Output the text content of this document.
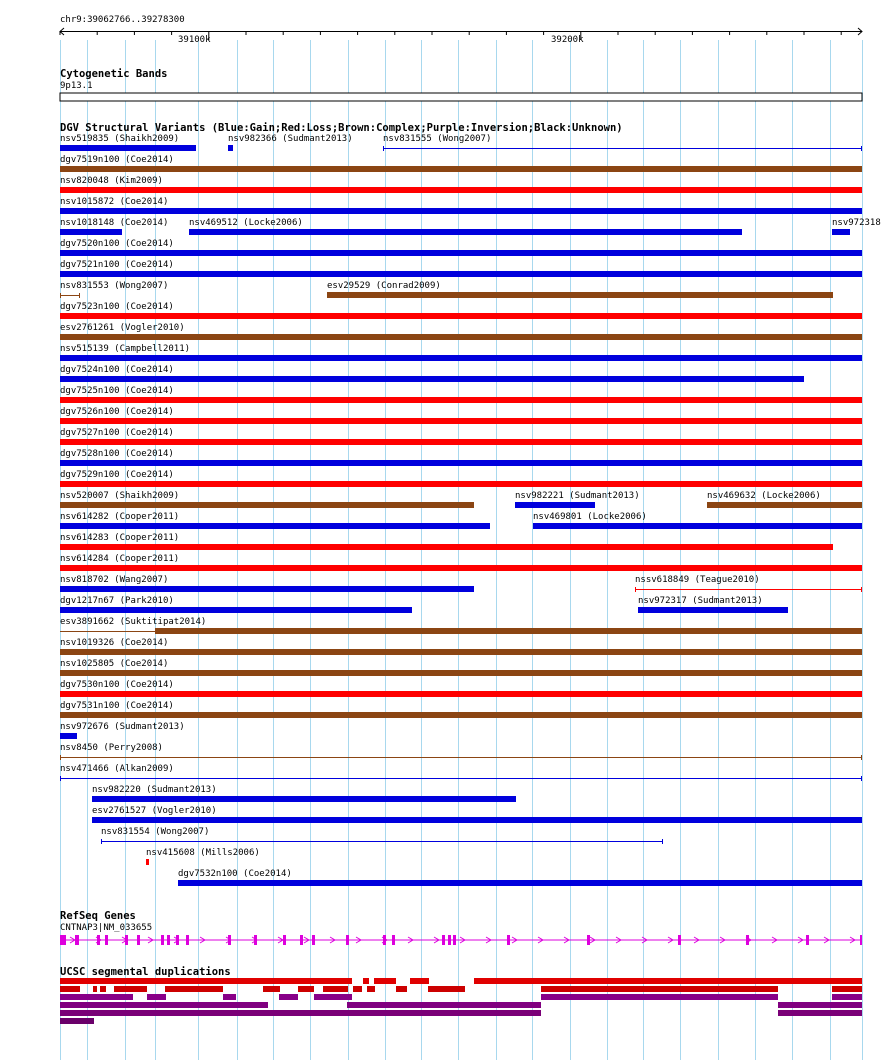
chr9:39062766..39278300
39100k	39200k
Cytogenetic Bands
9p13.1
DGV Structural Variants (Blue:Gain;Red:Loss;Brown:Complex;Purple:Inversion;Black:Unknown)
RefSeq Genes
CNTNAP3|NM_033655
UCSC segmental duplications
nsv519835 (Shaikh2009)	nsv982366 (Sudmant2013)	nsv831555 (Wong2007)
dgv7519n100 (Coe2014)
nsv820048 (Kim2009)
nsv1015872 (Coe2014)
nsv1018148 (Coe2014) nsv469512 (Locke2006)	nsv972318
dgv7520n100 (Coe2014)
dgv7521n100 (Coe2014)
nsv831553 (Wong2007)	esv29529 (Conrad2009)
dgv7523n100 (Coe2014)
esv2761261 (Vogler2010)
nsv515139 (Campbell2011)
dgv7524n100 (Coe2014)
dgv7525n100 (Coe2014)
dgv7526n100 (Coe2014)
dgv7527n100 (Coe2014)
dgv7528n100 (Coe2014)
dgv7529n100 (Coe2014)
nsv520007 (Shaikh2009)	nsv982221 (Sudmant2013)	nsv469632 (Locke2006)
nsv614282 (Cooper2011)	nsv469801 (Locke2006)
nsv614283 (Cooper2011)
nsv614284 (Cooper2011)
nsv818702 (Wang2007)	nssv618849 (Teague2010)
dgv1217n67 (Park2010)	nsv972317 (Sudmant2013)
esv3891662 (Suktitipat2014)
nsv1019326 (Coe2014)
nsv1025805 (Coe2014)
dgv7530n100 (Coe2014)
dgv7531n100 (Coe2014)
nsv972676 (Sudmant2013)
nsv8450 (Perry2008)
nsv471466 (Alkan2009)
nsv982220 (Sudmant2013)
esv2761527 (Vogler2010)
nsv831554 (Wong2007)
nsv415608 (Mills2006)
dgv7532n100 (Coe2014)
